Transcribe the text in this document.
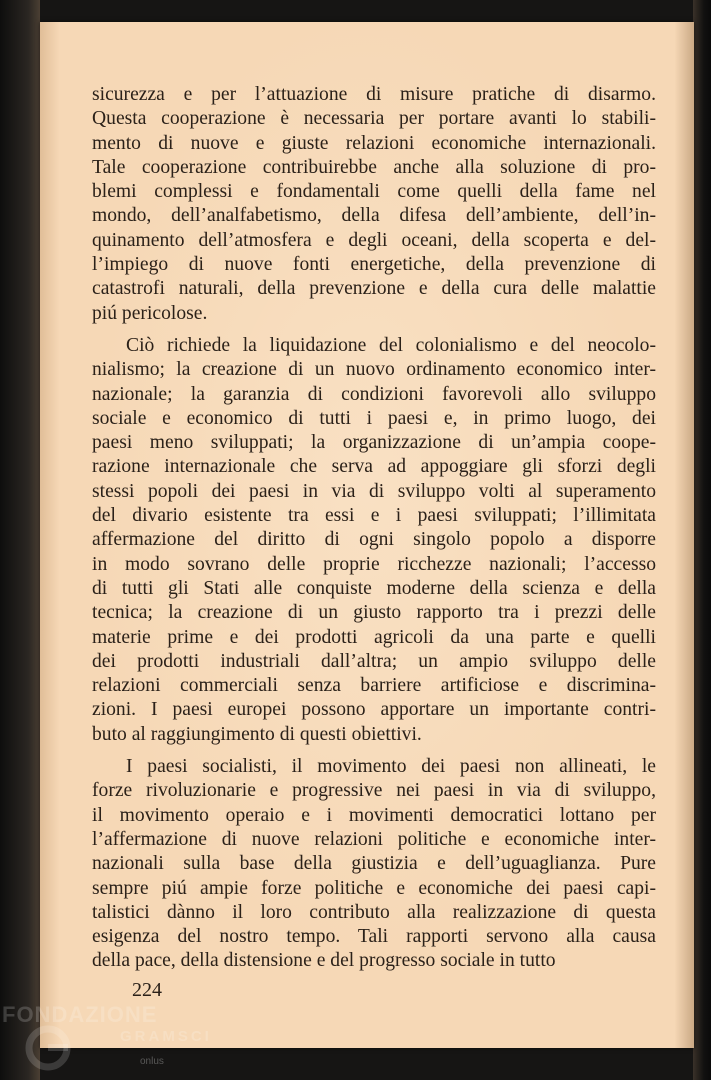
sicurezza e per l’attuazione di misure pratiche di disarmo.
Questa cooperazione è necessaria per portare avanti lo stabili-
mento di nuove e giuste relazioni economiche internazionali.
Tale cooperazione contribuirebbe anche alla soluzione di pro-
blemi complessi e fondamentali come quelli della fame nel
mondo, dell’analfabetismo, della difesa dell’ambiente, dell’in-
quinamento dell’atmosfera e degli oceani, della scoperta e del-
l’impiego di nuove fonti energetiche, della prevenzione di
catastrofi naturali, della prevenzione e della cura delle malattie
piú pericolose.

Ciò richiede la liquidazione del colonialismo e del neocolo-
nialismo; la creazione di un nuovo ordinamento economico inter-
nazionale; la garanzia di condizioni favorevoli allo sviluppo
sociale e economico di tutti i paesi e, in primo luogo, dei
paesi meno sviluppati; la organizzazione di un’ampia coope-
razione internazionale che serva ad appoggiare gli sforzi degli
stessi popoli dei paesi in via di sviluppo volti al superamento
del divario esistente tra essi e i paesi sviluppati; l’illimitata
affermazione del diritto di ogni singolo popolo a disporre
in modo sovrano delle proprie ricchezze nazionali; l’accesso
di tutti gli Stati alle conquiste moderne della scienza e della
tecnica; la creazione di un giusto rapporto tra i prezzi delle
materie prime e dei prodotti agricoli da una parte e quelli
dei prodotti industriali dall’altra; un ampio sviluppo delle
relazioni commerciali senza barriere artificiose e discrimina-
zioni. I paesi europei possono apportare un importante contri-
buto al raggiungimento di questi obiettivi.

I paesi socialisti, il movimento dei paesi non allineati, le
forze rivoluzionarie e progressive nei paesi in via di sviluppo,
il movimento operaio e i movimenti democratici lottano per
l’affermazione di nuove relazioni politiche e economiche inter-
nazionali sulla base della giustizia e dell’uguaglianza. Pure
sempre piú ampie forze politiche e economiche dei paesi capi-
talistici dànno il loro contributo alla realizzazione di questa
esigenza del nostro tempo. Tali rapporti servono alla causa
della pace, della distensione e del progresso sociale in tutto

224
FONDAZIONE
GRAMSCI
onlus
